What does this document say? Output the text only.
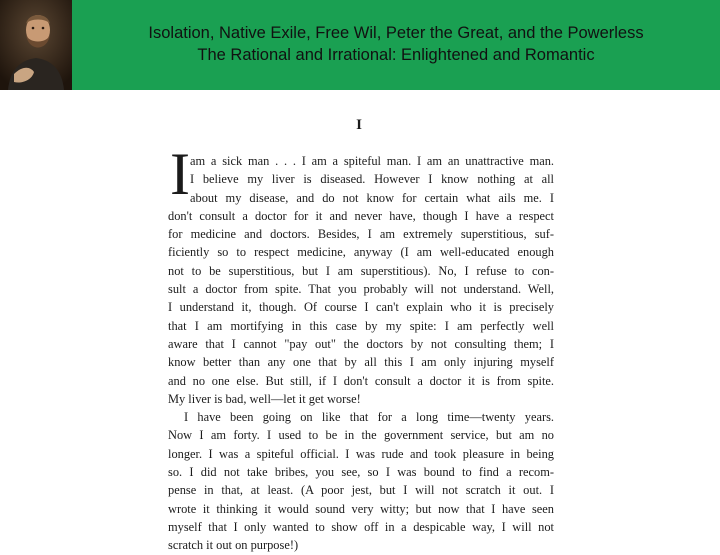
Isolation, Native Exile, Free Wil, Peter the Great, and the Powerless
The Rational and Irrational: Enlightened and Romantic
I
I am a sick man . . . I am a spiteful man. I am an unattractive man.
I believe my liver is diseased. However I know nothing at all
about my disease, and do not know for certain what ails me. I
don't consult a doctor for it and never have, though I have a respect
for medicine and doctors. Besides, I am extremely superstitious, suf-
ficiently so to respect medicine, anyway (I am well-educated enough
not to be superstitious, but I am superstitious). No, I refuse to con-
sult a doctor from spite. That you probably will not understand. Well,
I understand it, though. Of course I can't explain who it is precisely
that I am mortifying in this case by my spite: I am perfectly well
aware that I cannot "pay out" the doctors by not consulting them; I
know better than any one that by all this I am only injuring myself
and no one else. But still, if I don't consult a doctor it is from spite.
My liver is bad, well—let it get worse!
I have been going on like that for a long time—twenty years.
Now I am forty. I used to be in the government service, but am no
longer. I was a spiteful official. I was rude and took pleasure in being
so. I did not take bribes, you see, so I was bound to find a recom-
pense in that, at least. (A poor jest, but I will not scratch it out. I
wrote it thinking it would sound very witty; but now that I have seen
myself that I only wanted to show off in a despicable way, I will not
scratch it out on purpose!)
